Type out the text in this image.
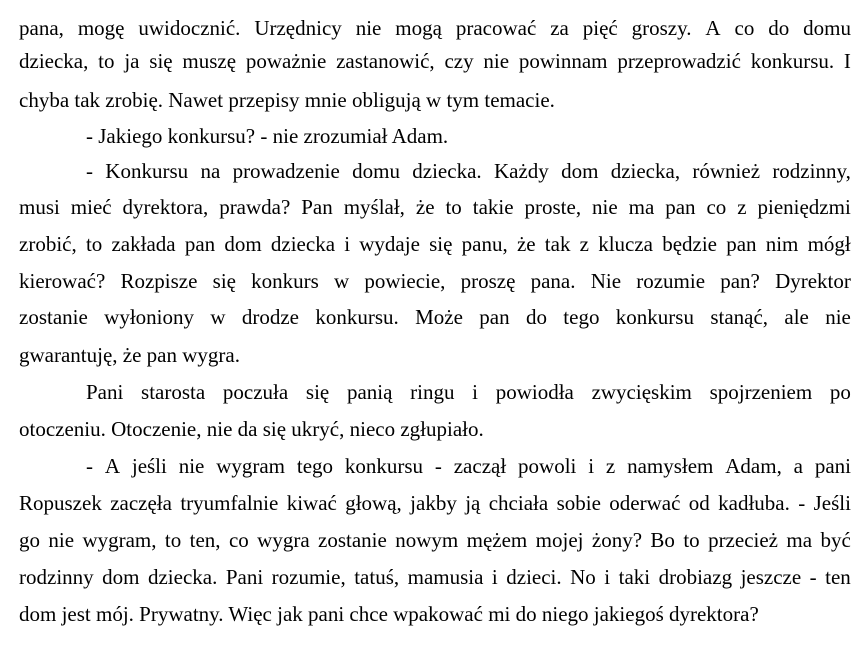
pana, mogę uwidocznić. Urzędnicy nie mogą pracować za pięć groszy. A co do domu
dziecka, to ja się muszę poważnie zastanowić, czy nie powinnam przeprowadzić konkursu. I
chyba tak zrobię. Nawet przepisy mnie obligują w tym temacie.
- Jakiego konkursu? - nie zrozumiał Adam.
- Konkursu na prowadzenie domu dziecka. Każdy dom dziecka, również rodzinny,
musi mieć dyrektora, prawda? Pan myślał, że to takie proste, nie ma pan co z pieniędzmi
zrobić, to zakłada pan dom dziecka i wydaje się panu, że tak z klucza będzie pan nim mógł
kierować? Rozpisze się konkurs w powiecie, proszę pana. Nie rozumie pan? Dyrektor
zostanie wyłoniony w drodze konkursu. Może pan do tego konkursu stanąć, ale nie
gwarantuję, że pan wygra.
Pani starosta poczuła się panią ringu i powiodła zwycięskim spojrzeniem po
otoczeniu. Otoczenie, nie da się ukryć, nieco zgłupiało.
- A jeśli nie wygram tego konkursu - zaczął powoli i z namysłem Adam, a pani
Ropuszek zaczęła tryumfalnie kiwać głową, jakby ją chciała sobie oderwać od kadłuba. - Jeśli
go nie wygram, to ten, co wygra zostanie nowym mężem mojej żony? Bo to przecież ma być
rodzinny dom dziecka. Pani rozumie, tatuś, mamusia i dzieci. No i taki drobiazg jeszcze - ten
dom jest mój. Prywatny. Więc jak pani chce wpakować mi do niego jakiegoś dyrektora?
